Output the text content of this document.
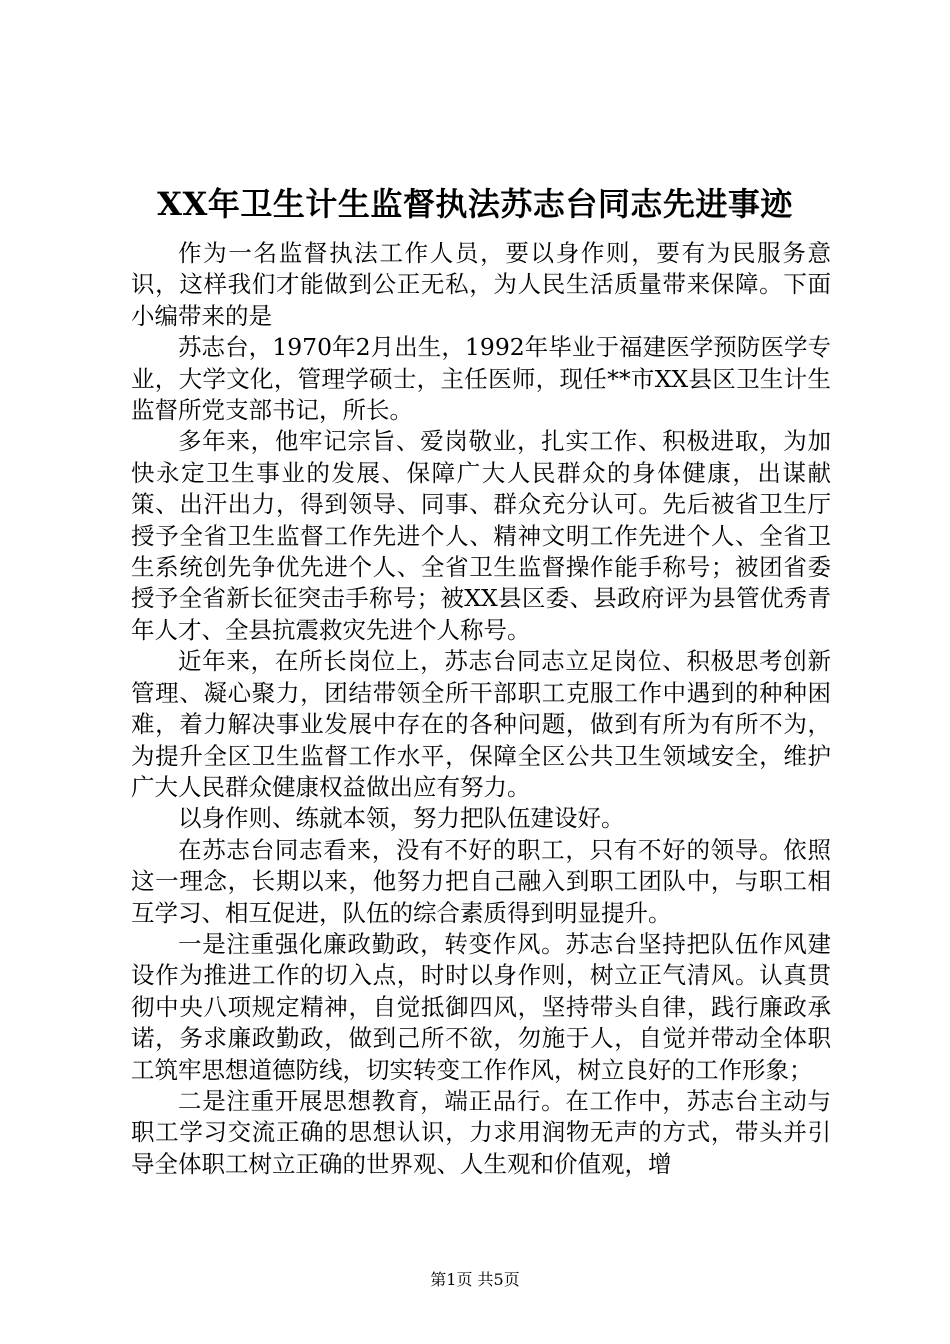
XX年卫生计生监督执法苏志台同志先进事迹

作为一名监督执法工作人员，要以身作则，要有为民服务意识，这样我们才能做到公正无私，为人民生活质量带来保障。下面小编带来的是

苏志台，1970年2月出生，1992年毕业于福建医学预防医学专业，大学文化，管理学硕士，主任医师，现任**市XX县区卫生计生监督所党支部书记，所长。

多年来，他牢记宗旨、爱岗敬业，扎实工作、积极进取，为加快永定卫生事业的发展、保障广大人民群众的身体健康，出谋献策、出汗出力，得到领导、同事、群众充分认可。先后被省卫生厅授予全省卫生监督工作先进个人、精神文明工作先进个人、全省卫生系统创先争优先进个人、全省卫生监督操作能手称号；被团省委授予全省新长征突击手称号；被XX县区委、县政府评为县管优秀青年人才、全县抗震救灾先进个人称号。

近年来，在所长岗位上，苏志台同志立足岗位、积极思考创新管理、凝心聚力，团结带领全所干部职工克服工作中遇到的种种困难，着力解决事业发展中存在的各种问题，做到有所为有所不为，为提升全区卫生监督工作水平，保障全区公共卫生领域安全，维护广大人民群众健康权益做出应有努力。

以身作则、练就本领，努力把队伍建设好。

在苏志台同志看来，没有不好的职工，只有不好的领导。依照这一理念，长期以来，他努力把自己融入到职工团队中，与职工相互学习、相互促进，队伍的综合素质得到明显提升。

一是注重强化廉政勤政，转变作风。苏志台坚持把队伍作风建设作为推进工作的切入点，时时以身作则，树立正气清风。认真贯彻中央八项规定精神，自觉抵御四风，坚持带头自律，践行廉政承诺，务求廉政勤政，做到己所不欲，勿施于人，自觉并带动全体职工筑牢思想道德防线，切实转变工作作风，树立良好的工作形象；

二是注重开展思想教育，端正品行。在工作中，苏志台主动与职工学习交流正确的思想认识，力求用润物无声的方式，带头并引导全体职工树立正确的世界观、人生观和价值观，增

第1页 共5页
